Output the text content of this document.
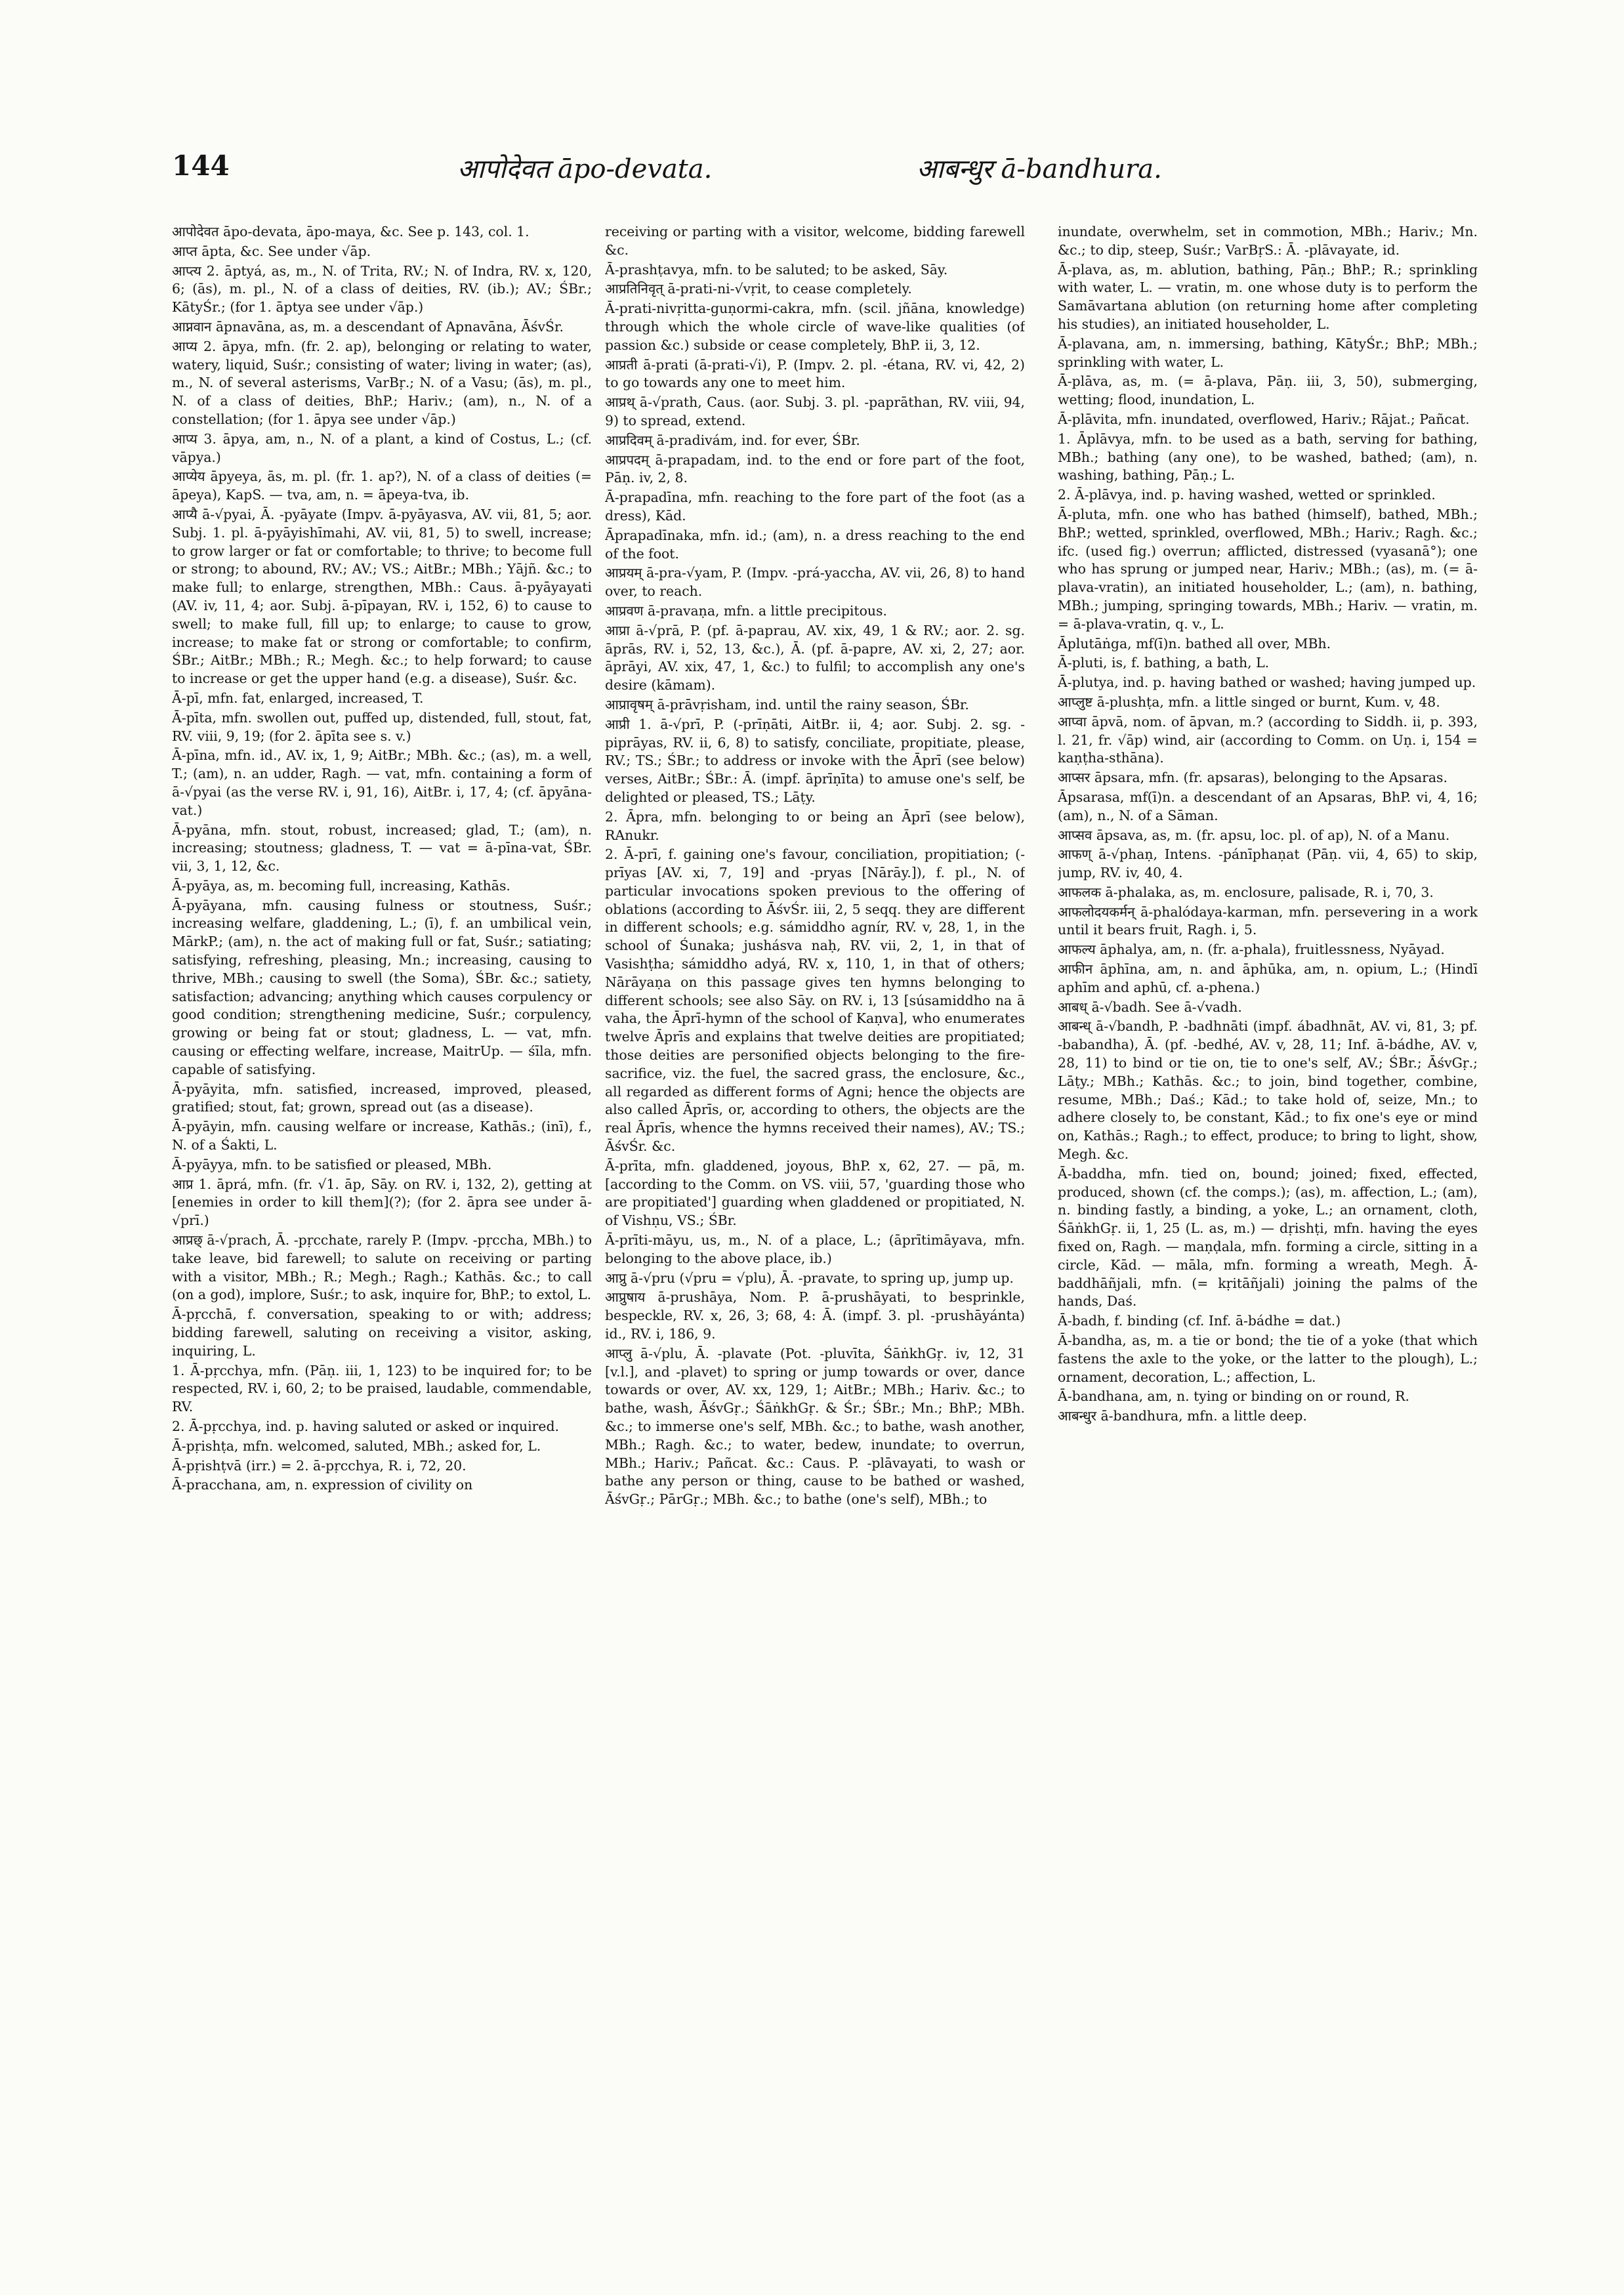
144	आपोदेवत āpo-devata.	आबन्धुर ā-bandhura.

आपोदेवत āpo-devata, āpo-maya, &c. See p. 143, col. 1.

आप्त āpta, &c. See under √āp.

आप्त्य 2. āptyá, as, m., N. of Trita, RV.; N. of Indra, RV. x, 120, 6; (ās), m. pl., N. of a class of deities, RV. (ib.); AV.; ŚBr.; KātyŚr.; (for 1. āptya see under √āp.)

आप्नवान āpnavāna, as, m. a descendant of Apnavāna, ĀśvŚr.

आप्य 2. āpya, mfn. (fr. 2. ap), belonging or relating to water, watery, liquid, Suśr.; consisting of water; living in water; (as), m., N. of several asterisms, VarBṛ.; N. of a Vasu; (ās), m. pl., N. of a class of deities, BhP.; Hariv.; (am), n., N. of a constellation; (for 1. āpya see under √āp.)

आप्य 3. āpya, am, n., N. of a plant, a kind of Costus, L.; (cf. vāpya.)

आप्येय āpyeya, ās, m. pl. (fr. 1. ap?), N. of a class of deities (= āpeya), KapS. — tva, am, n. = āpeya-tva, ib.

आप्यै ā-√pyai, Ā. -pyāyate (Impv. ā-pyāyasva, AV. vii, 81, 5; aor. Subj. 1. pl. ā-pyāyishīmahi, AV. vii, 81, 5) to swell, increase; to grow larger or fat or comfortable; to thrive; to become full or strong; to abound, RV.; AV.; VS.; AitBr.; MBh.; Yājñ. &c.; to make full; to enlarge, strengthen, MBh.: Caus. ā-pyāyayati (AV. iv, 11, 4; aor. Subj. ā-pīpayan, RV. i, 152, 6) to cause to swell; to make full, fill up; to enlarge; to cause to grow, increase; to make fat or strong or comfortable; to confirm, ŚBr.; AitBr.; MBh.; R.; Megh. &c.; to help forward; to cause to increase or get the upper hand (e.g. a disease), Suśr. &c.

Ā-pī, mfn. fat, enlarged, increased, T.

Ā-pīta, mfn. swollen out, puffed up, distended, full, stout, fat, RV. viii, 9, 19; (for 2. āpīta see s. v.)

Ā-pīna, mfn. id., AV. ix, 1, 9; AitBr.; MBh. &c.; (as), m. a well, T.; (am), n. an udder, Ragh. — vat, mfn. containing a form of ā-√pyai (as the verse RV. i, 91, 16), AitBr. i, 17, 4; (cf. āpyāna-vat.)

Ā-pyāna, mfn. stout, robust, increased; glad, T.; (am), n. increasing; stoutness; gladness, T. — vat = ā-pīna-vat, ŚBr. vii, 3, 1, 12, &c.

Ā-pyāya, as, m. becoming full, increasing, Kathās.

Ā-pyāyana, mfn. causing fulness or stoutness, Suśr.; increasing welfare, gladdening, L.; (ī), f. an umbilical vein, MārkP.; (am), n. the act of making full or fat, Suśr.; satiating; satisfying, refreshing, pleasing, Mn.; increasing, causing to thrive, MBh.; causing to swell (the Soma), ŚBr. &c.; satiety, satisfaction; advancing; anything which causes corpulency or good condition; strengthening medicine, Suśr.; corpulency, growing or being fat or stout; gladness, L. — vat, mfn. causing or effecting welfare, increase, MaitrUp. — śīla, mfn. capable of satisfying.

Ā-pyāyita, mfn. satisfied, increased, improved, pleased, gratified; stout, fat; grown, spread out (as a disease).

Ā-pyāyin, mfn. causing welfare or increase, Kathās.; (inī), f., N. of a Śakti, L.

Ā-pyāyya, mfn. to be satisfied or pleased, MBh.

आप्र 1. āprá, mfn. (fr. √1. āp, Sāy. on RV. i, 132, 2), getting at [enemies in order to kill them](?); (for 2. āpra see under ā-√prī.)

आप्रछ् ā-√prach, Ā. -pṛcchate, rarely P. (Impv. -pṛccha, MBh.) to take leave, bid farewell; to salute on receiving or parting with a visitor, MBh.; R.; Megh.; Ragh.; Kathās. &c.; to call (on a god), implore, Suśr.; to ask, inquire for, BhP.; to extol, L.

Ā-pṛcchā, f. conversation, speaking to or with; address; bidding farewell, saluting on receiving a visitor, asking, inquiring, L.

1. Ā-pṛcchya, mfn. (Pāṇ. iii, 1, 123) to be inquired for; to be respected, RV. i, 60, 2; to be praised, laudable, commendable, RV.

2. Ā-pṛcchya, ind. p. having saluted or asked or inquired.

Ā-pṛishṭa, mfn. welcomed, saluted, MBh.; asked for, L.

Ā-pṛishṭvā (irr.) = 2. ā-pṛcchya, R. i, 72, 20.

Ā-pracchana, am, n. expression of civility on

receiving or parting with a visitor, welcome, bidding farewell &c.

Ā-prashṭavya, mfn. to be saluted; to be asked, Sāy.

आप्रतिनिवृत् ā-prati-ni-√vṛit, to cease completely.

Ā-prati-nivṛitta-guṇormi-cakra, mfn. (scil. jñāna, knowledge) through which the whole circle of wave-like qualities (of passion &c.) subside or cease completely, BhP. ii, 3, 12.

आप्रती ā-prati (ā-prati-√i), P. (Impv. 2. pl. -étana, RV. vi, 42, 2) to go towards any one to meet him.

आप्रथ् ā-√prath, Caus. (aor. Subj. 3. pl. -paprāthan, RV. viii, 94, 9) to spread, extend.

आप्रदिवम् ā-pradivám, ind. for ever, ŚBr.

आप्रपदम् ā-prapadam, ind. to the end or fore part of the foot, Pāṇ. iv, 2, 8.

Ā-prapadīna, mfn. reaching to the fore part of the foot (as a dress), Kād.

Āprapadīnaka, mfn. id.; (am), n. a dress reaching to the end of the foot.

आप्रयम् ā-pra-√yam, P. (Impv. -prá-yaccha, AV. vii, 26, 8) to hand over, to reach.

आप्रवण ā-pravaṇa, mfn. a little precipitous.

आप्रा ā-√prā, P. (pf. ā-paprau, AV. xix, 49, 1 & RV.; aor. 2. sg. āprās, RV. i, 52, 13, &c.), Ā. (pf. ā-papre, AV. xi, 2, 27; aor. āprāyi, AV. xix, 47, 1, &c.) to fulfil; to accomplish any one's desire (kāmam).

आप्रावृषम् ā-prāvṛisham, ind. until the rainy season, ŚBr.

आप्री 1. ā-√prī, P. (-prīṇāti, AitBr. ii, 4; aor. Subj. 2. sg. -piprāyas, RV. ii, 6, 8) to satisfy, conciliate, propitiate, please, RV.; TS.; ŚBr.; to address or invoke with the Āprī (see below) verses, AitBr.; ŚBr.: Ā. (impf. āprīṇīta) to amuse one's self, be delighted or pleased, TS.; Lāṭy.

2. Āpra, mfn. belonging to or being an Āprī (see below), RAnukr.

2. Ā-prī, f. gaining one's favour, conciliation, propitiation; (-prīyas [AV. xi, 7, 19] and -pryas [Nārāy.]), f. pl., N. of particular invocations spoken previous to the offering of oblations (according to ĀśvŚr. iii, 2, 5 seqq. they are different in different schools; e.g. sámiddho agnír, RV. v, 28, 1, in the school of Śunaka; jushásva naḥ, RV. vii, 2, 1, in that of Vasishṭha; sámiddho adyá, RV. x, 110, 1, in that of others; Nārāyaṇa on this passage gives ten hymns belonging to different schools; see also Sāy. on RV. i, 13 [súsamiddho na ā vaha, the Āprī-hymn of the school of Kaṇva], who enumerates twelve Āprīs and explains that twelve deities are propitiated; those deities are personified objects belonging to the fire-sacrifice, viz. the fuel, the sacred grass, the enclosure, &c., all regarded as different forms of Agni; hence the objects are also called Āprīs, or, according to others, the objects are the real Āprīs, whence the hymns received their names), AV.; TS.; ĀśvŚr. &c.

Ā-prīta, mfn. gladdened, joyous, BhP. x, 62, 27. — pā, m. [according to the Comm. on VS. viii, 57, 'guarding those who are propitiated'] guarding when gladdened or propitiated, N. of Vishṇu, VS.; ŚBr.

Ā-prīti-māyu, us, m., N. of a place, L.; (āprītimāyava, mfn. belonging to the above place, ib.)

आप्रु ā-√pru (√pru = √plu), Ā. -pravate, to spring up, jump up.

आप्रुषाय ā-prushāya, Nom. P. ā-prushāyati, to besprinkle, bespeckle, RV. x, 26, 3; 68, 4: Ā. (impf. 3. pl. -prushāyánta) id., RV. i, 186, 9.

आप्लु ā-√plu, Ā. -plavate (Pot. -pluvīta, ŚāṅkhGṛ. iv, 12, 31 [v.l.], and -plavet) to spring or jump towards or over, dance towards or over, AV. xx, 129, 1; AitBr.; MBh.; Hariv. &c.; to bathe, wash, ĀśvGṛ.; ŚāṅkhGṛ. & Śr.; ŚBr.; Mn.; BhP.; MBh. &c.; to immerse one's self, MBh. &c.; to bathe, wash another, MBh.; Ragh. &c.; to water, bedew, inundate; to overrun, MBh.; Hariv.; Pañcat. &c.: Caus. P. -plāvayati, to wash or bathe any person or thing, cause to be bathed or washed, ĀśvGṛ.; PārGṛ.; MBh. &c.; to bathe (one's self), MBh.; to

inundate, overwhelm, set in commotion, MBh.; Hariv.; Mn. &c.; to dip, steep, Suśr.; VarBṛS.: Ā. -plāvayate, id.

Ā-plava, as, m. ablution, bathing, Pāṇ.; BhP.; R.; sprinkling with water, L. — vratin, m. one whose duty is to perform the Samāvartana ablution (on returning home after completing his studies), an initiated householder, L.

Ā-plavana, am, n. immersing, bathing, KātyŚr.; BhP.; MBh.; sprinkling with water, L.

Ā-plāva, as, m. (= ā-plava, Pāṇ. iii, 3, 50), submerging, wetting; flood, inundation, L.

Ā-plāvita, mfn. inundated, overflowed, Hariv.; Rājat.; Pañcat.

1. Āplāvya, mfn. to be used as a bath, serving for bathing, MBh.; bathing (any one), to be washed, bathed; (am), n. washing, bathing, Pāṇ.; L.

2. Ā-plāvya, ind. p. having washed, wetted or sprinkled.

Ā-pluta, mfn. one who has bathed (himself), bathed, MBh.; BhP.; wetted, sprinkled, overflowed, MBh.; Hariv.; Ragh. &c.; ifc. (used fig.) overrun; afflicted, distressed (vyasanā°); one who has sprung or jumped near, Hariv.; MBh.; (as), m. (= ā-plava-vratin), an initiated householder, L.; (am), n. bathing, MBh.; jumping, springing towards, MBh.; Hariv. — vratin, m. = ā-plava-vratin, q. v., L.

Āplutāṅga, mf(ī)n. bathed all over, MBh.

Ā-pluti, is, f. bathing, a bath, L.

Ā-plutya, ind. p. having bathed or washed; having jumped up.

आप्लुष्ट ā-plushṭa, mfn. a little singed or burnt, Kum. v, 48.

आप्वा āpvā, nom. of āpvan, m.? (according to Siddh. ii, p. 393, l. 21, fr. √āp) wind, air (according to Comm. on Uṇ. i, 154 = kaṇṭha-sthāna).

आप्सर āpsara, mfn. (fr. apsaras), belonging to the Apsaras.

Āpsarasa, mf(ī)n. a descendant of an Apsaras, BhP. vi, 4, 16; (am), n., N. of a Sāman.

आप्सव āpsava, as, m. (fr. apsu, loc. pl. of ap), N. of a Manu.

आफण् ā-√phaṇ, Intens. -pánīphaṇat (Pāṇ. vii, 4, 65) to skip, jump, RV. iv, 40, 4.

आफलक ā-phalaka, as, m. enclosure, palisade, R. i, 70, 3.

आफलोदयकर्मन् ā-phalódaya-karman, mfn. persevering in a work until it bears fruit, Ragh. i, 5.

आफल्य āphalya, am, n. (fr. a-phala), fruitlessness, Nyāyad.

आफीन āphīna, am, n. and āphūka, am, n. opium, L.; (Hindī aphīm and aphū, cf. a-phena.)

आबध् ā-√badh. See ā-√vadh.

आबन्ध् ā-√bandh, P. -badhnāti (impf. ábadhnāt, AV. vi, 81, 3; pf. -babandha), Ā. (pf. -bedhé, AV. v, 28, 11; Inf. ā-bádhe, AV. v, 28, 11) to bind or tie on, tie to one's self, AV.; ŚBr.; ĀśvGṛ.; Lāṭy.; MBh.; Kathās. &c.; to join, bind together, combine, resume, MBh.; Daś.; Kād.; to take hold of, seize, Mn.; to adhere closely to, be constant, Kād.; to fix one's eye or mind on, Kathās.; Ragh.; to effect, produce; to bring to light, show, Megh. &c.

Ā-baddha, mfn. tied on, bound; joined; fixed, effected, produced, shown (cf. the comps.); (as), m. affection, L.; (am), n. binding fastly, a binding, a yoke, L.; an ornament, cloth, ŚāṅkhGṛ. ii, 1, 25 (L. as, m.) — dṛishṭi, mfn. having the eyes fixed on, Ragh. — maṇḍala, mfn. forming a circle, sitting in a circle, Kād. — māla, mfn. forming a wreath, Megh. Ā-baddhāñjali, mfn. (= kṛitāñjali) joining the palms of the hands, Daś.

Ā-badh, f. binding (cf. Inf. ā-bádhe = dat.)

Ā-bandha, as, m. a tie or bond; the tie of a yoke (that which fastens the axle to the yoke, or the latter to the plough), L.; ornament, decoration, L.; affection, L.

Ā-bandhana, am, n. tying or binding on or round, R.

आबन्धुर ā-bandhura, mfn. a little deep.
